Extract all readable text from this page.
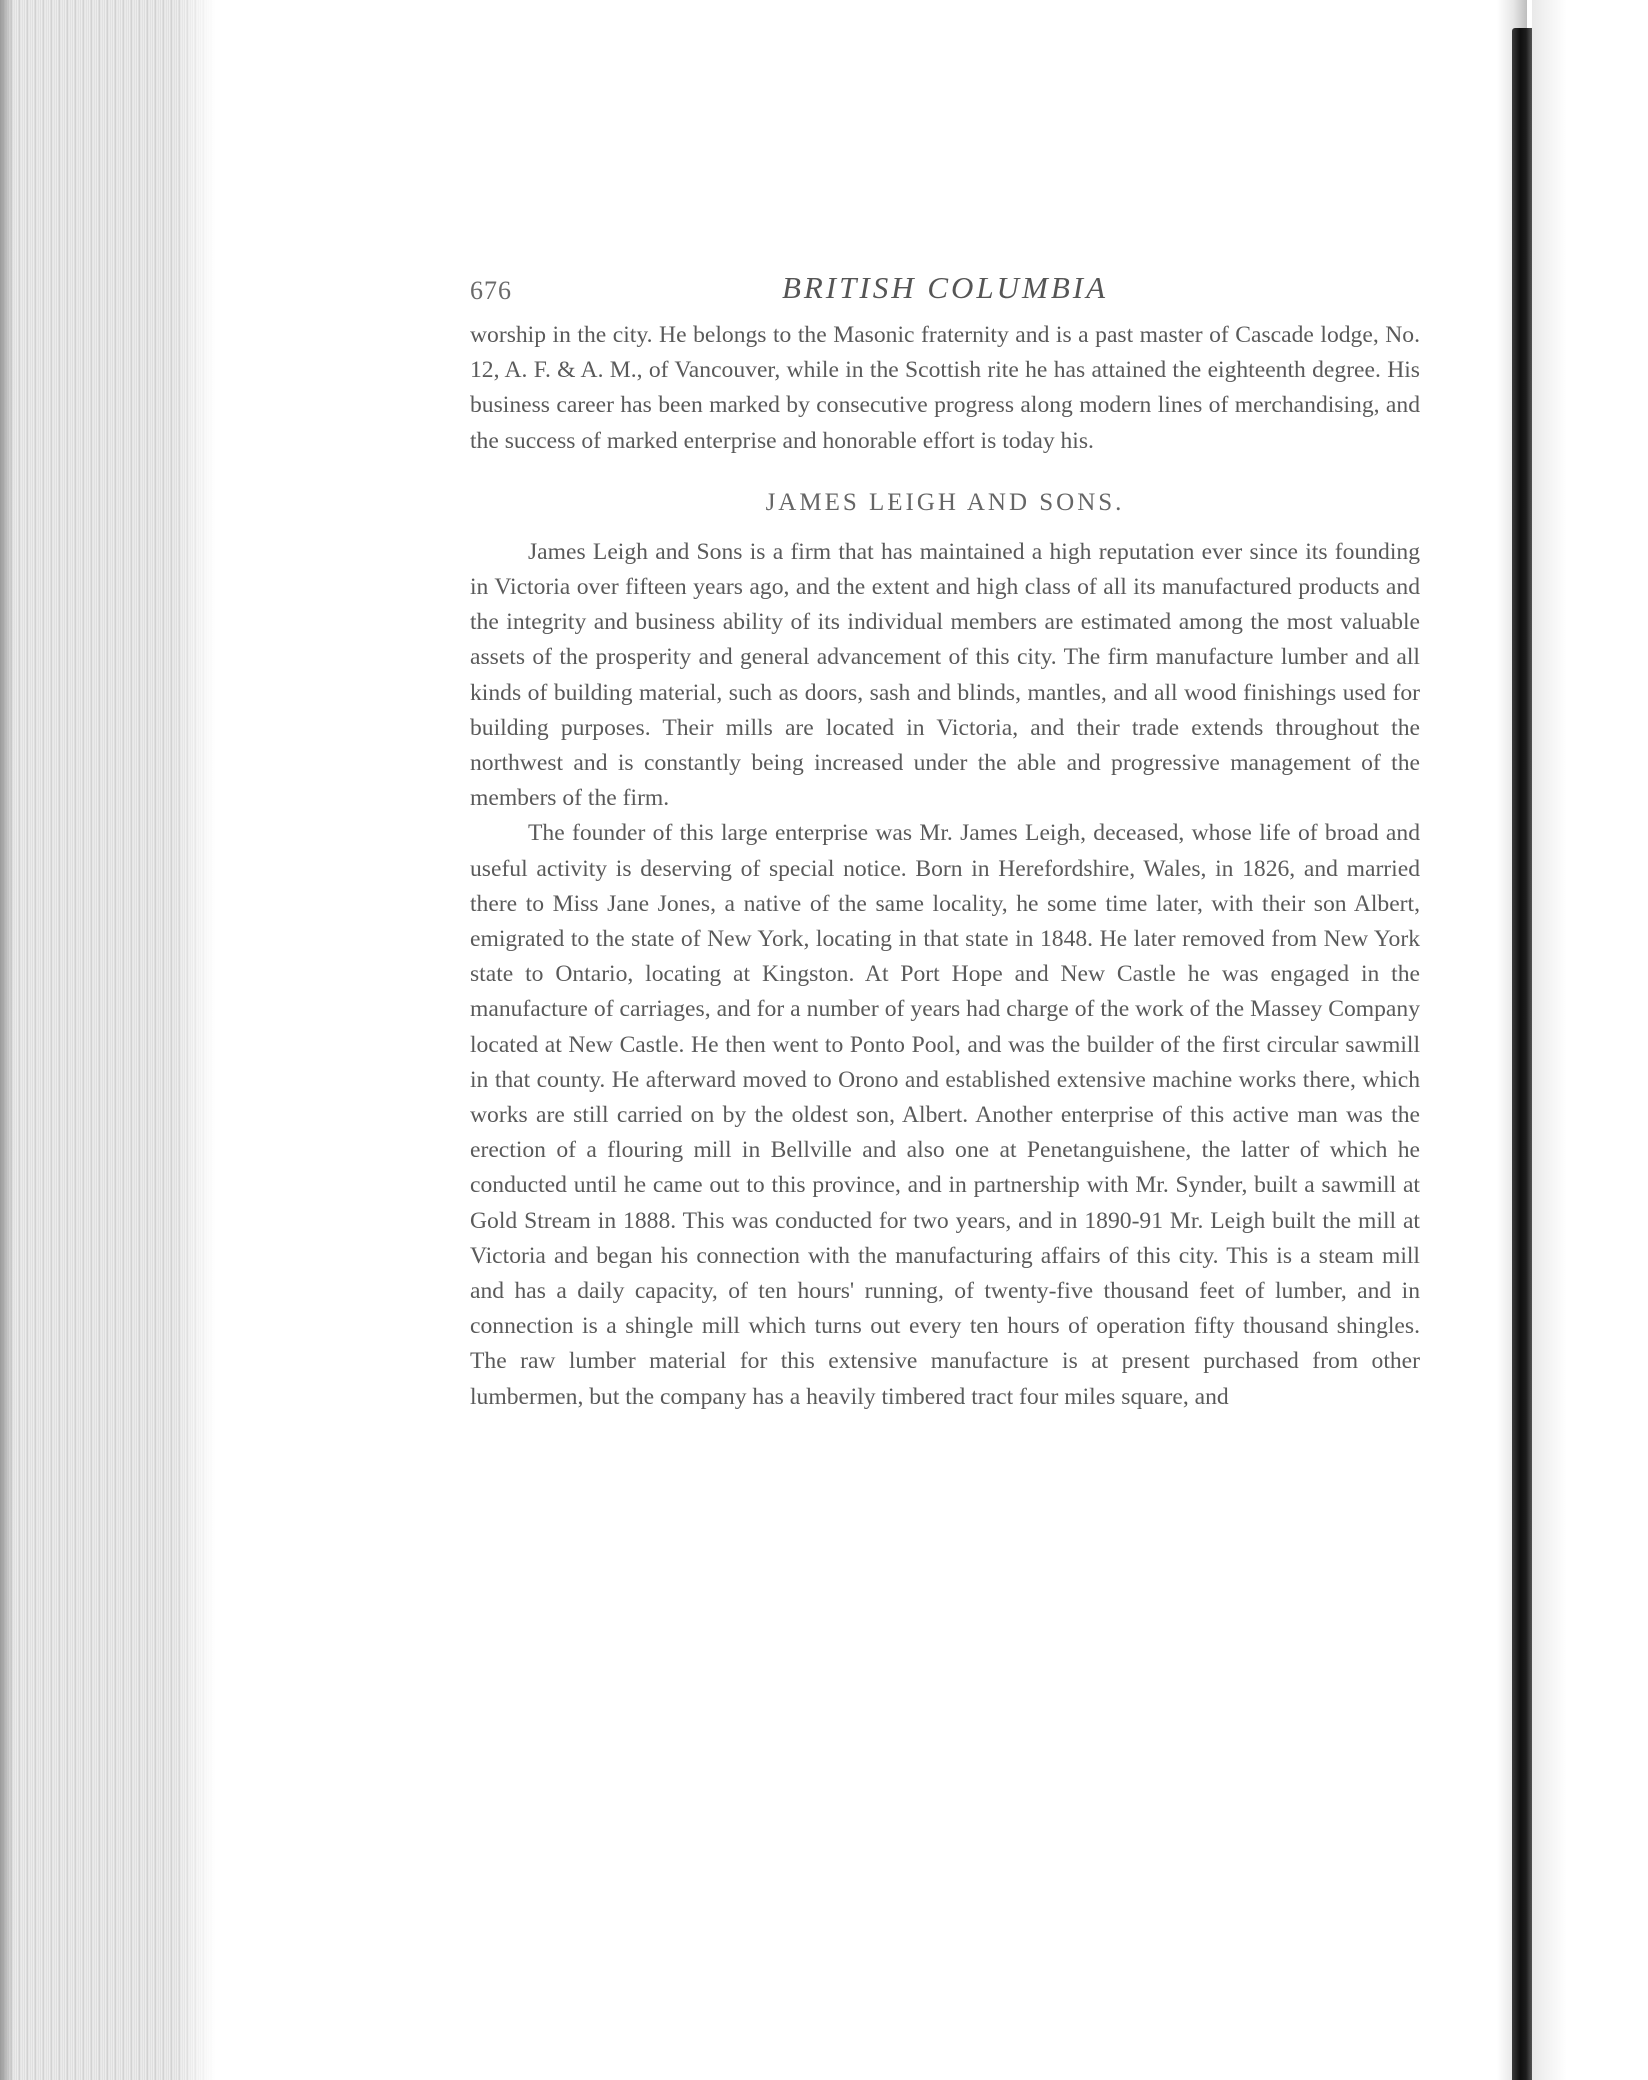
676	BRITISH COLUMBIA

worship in the city. He belongs to the Masonic fraternity and is a past master of Cascade lodge, No. 12, A. F. & A. M., of Vancouver, while in the Scottish rite he has attained the eighteenth degree. His business career has been marked by consecutive progress along modern lines of merchandising, and the success of marked enterprise and honorable effort is today his.

JAMES LEIGH AND SONS.

James Leigh and Sons is a firm that has maintained a high reputation ever since its founding in Victoria over fifteen years ago, and the extent and high class of all its manufactured products and the integrity and business ability of its individual members are estimated among the most valuable assets of the prosperity and general advancement of this city. The firm manufacture lumber and all kinds of building material, such as doors, sash and blinds, mantles, and all wood finishings used for building purposes. Their mills are located in Victoria, and their trade extends throughout the northwest and is constantly being increased under the able and progressive management of the members of the firm.

The founder of this large enterprise was Mr. James Leigh, deceased, whose life of broad and useful activity is deserving of special notice. Born in Herefordshire, Wales, in 1826, and married there to Miss Jane Jones, a native of the same locality, he some time later, with their son Albert, emigrated to the state of New York, locating in that state in 1848. He later removed from New York state to Ontario, locating at Kingston. At Port Hope and New Castle he was engaged in the manufacture of carriages, and for a number of years had charge of the work of the Massey Company located at New Castle. He then went to Ponto Pool, and was the builder of the first circular sawmill in that county. He afterward moved to Orono and established extensive machine works there, which works are still carried on by the oldest son, Albert. Another enterprise of this active man was the erection of a flouring mill in Bellville and also one at Penetanguishene, the latter of which he conducted until he came out to this province, and in partnership with Mr. Synder, built a sawmill at Gold Stream in 1888. This was conducted for two years, and in 1890-91 Mr. Leigh built the mill at Victoria and began his connection with the manufacturing affairs of this city. This is a steam mill and has a daily capacity, of ten hours' running, of twenty-five thousand feet of lumber, and in connection is a shingle mill which turns out every ten hours of operation fifty thousand shingles. The raw lumber material for this extensive manufacture is at present purchased from other lumbermen, but the company has a heavily timbered tract four miles square, and
